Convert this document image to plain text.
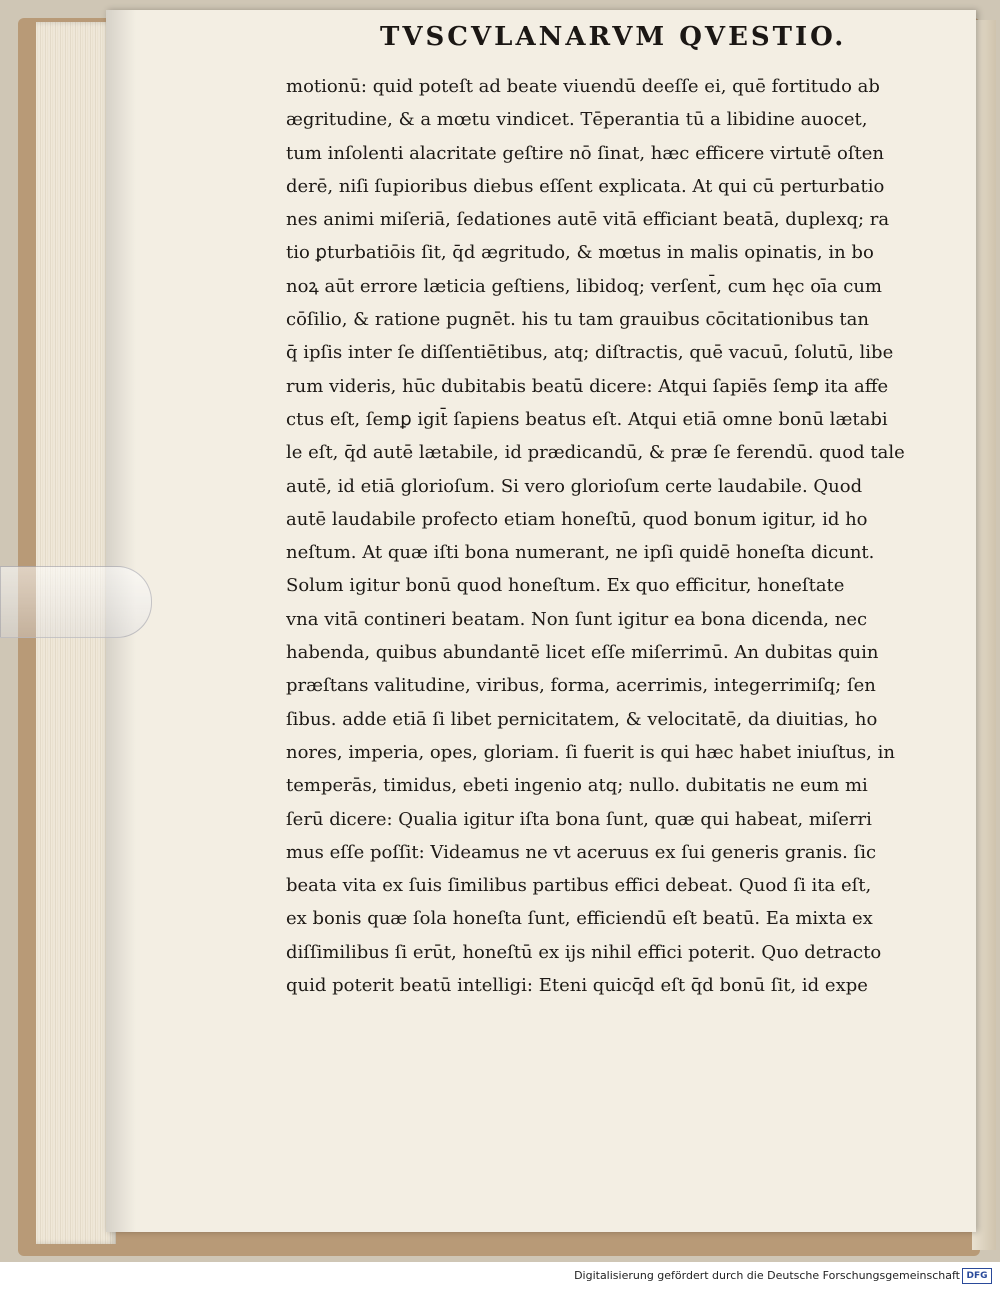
TVSCVLANARVM QVESTIO.
motionū: quid poteſt ad beate viuendū deeſſe ei, quē fortitudo ab
ægritudine, & a mœtu vindicet. Tēperantia tū a libidine auocet,
tum inſolenti alacritate geſtire nō ſinat, hæc efficere virtutē oſten
derē, niſi ſupioribus diebus eſſent explicata. At qui cū perturbatio
nes animi miſeriā, ſedationes autē vitā efficiant beatā, duplexq; ra
tio ꝑturbatiōis ſit, q̄d ægritudo, & mœtus in malis opinatis, in bo
noꝝ aūt errore læticia geſtiens, libidoq; verſent̄, cum hęc oīa cum
cōſilio, & ratione pugnēt. his tu tam grauibus cōcitationibus tan
q̄ ipſis inter ſe diſſentiētibus, atq; diſtractis, quē vacuū, ſolutū, libe
rum videris, hūc dubitabis beatū dicere: Atqui ſapiēs ſemꝑ ita affe
ctus eſt, ſemꝑ igit̄ ſapiens beatus eſt. Atqui etiā omne bonū lætabi
le eſt, q̄d autē lætabile, id prædicandū, & præ ſe ferendū. quod tale
autē, id etiā glorioſum. Si vero glorioſum certe laudabile. Quod
autē laudabile profecto etiam honeſtū, quod bonum igitur, id ho
neſtum. At quæ iſti bona numerant, ne ipſi quidē honeſta dicunt.
Solum igitur bonū quod honeſtum. Ex quo efficitur, honeſtate
vna vitā contineri beatam. Non ſunt igitur ea bona dicenda, nec
habenda, quibus abundantē licet eſſe miſerrimū. An dubitas quin
præſtans valitudine, viribus, forma, acerrimis, integerrimiſq; ſen
ſibus. adde etiā ſi libet pernicitatem, & velocitatē, da diuitias, ho
nores, imperia, opes, gloriam. ſi fuerit is qui hæc habet iniuſtus, in
temperās, timidus, ebeti ingenio atq; nullo. dubitatis ne eum mi
ſerū dicere: Qualia igitur iſta bona ſunt, quæ qui habeat, miſerri
mus eſſe poſſit: Videamus ne vt aceruus ex ſui generis granis. ſic
beata vita ex ſuis ſimilibus partibus effici debeat. Quod ſi ita eſt,
ex bonis quæ ſola honeſta ſunt, efficiendū eſt beatū. Ea mixta ex
diſſimilibus ſi erūt, honeſtū ex ijs nihil effici poterit. Quo detracto
quid poterit beatū intelligi: Eteni quicq̄d eſt q̄d bonū ſit, id expe
Digitalisierung gefördert durch die Deutsche Forschungsgemeinschaft DFG
